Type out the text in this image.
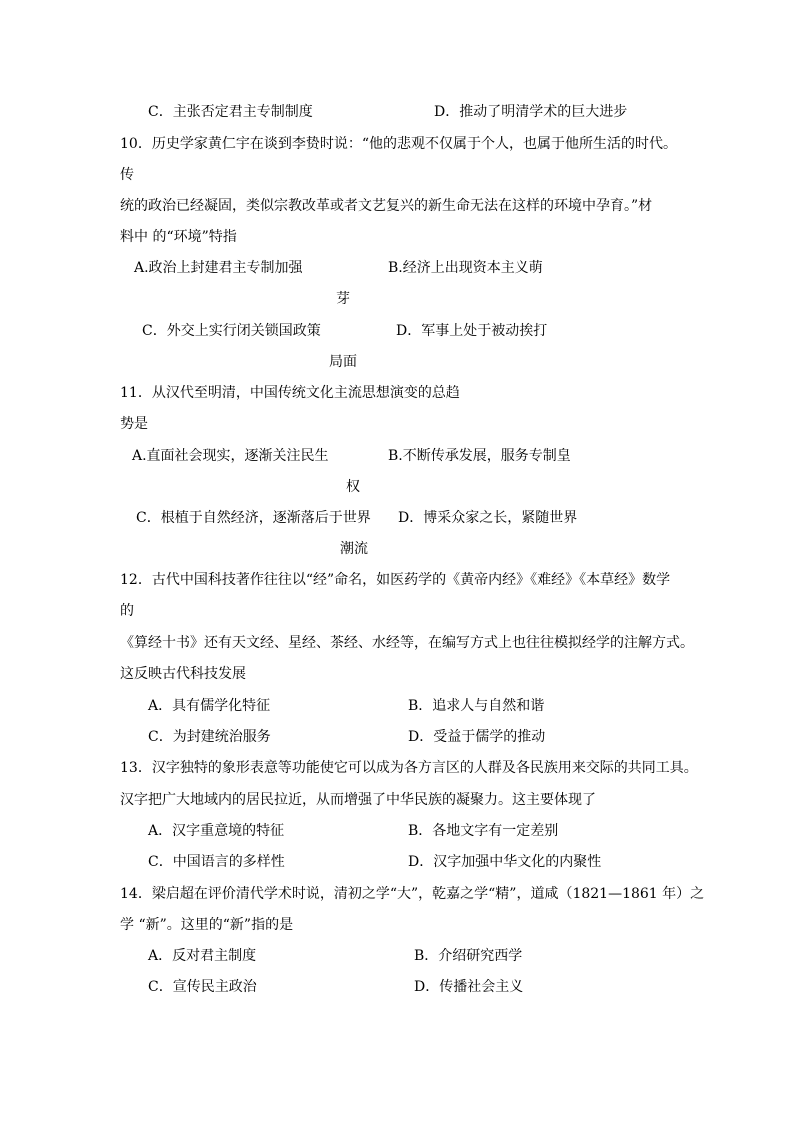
C．主张否定君主专制制度	D．推动了明清学术的巨大进步
10．历史学家黄仁宇在谈到李贽时说：“他的悲观不仅属于个人，也属于他所生活的时代。
传
统的政治已经凝固，类似宗教改革或者文艺复兴的新生命无法在这样的环境中孕育。”材
料中 的“环境”特指
A.政治上封建君主专制加强	B.经济上出现资本主义萌
芽
C．外交上实行闭关锁国政策	D．军事上处于被动挨打
局面
11．从汉代至明清，中国传统文化主流思想演变的总趋
势是
A.直面社会现实，逐渐关注民生	B.不断传承发展，服务专制皇
权
C．根植于自然经济，逐渐落后于世界 D．博采众家之长，紧随世界
潮流
12．古代中国科技著作往往以“经”命名，如医药学的《黄帝内经》《难经》《本草经》数学
的
《算经十书》还有天文经、星经、茶经、水经等，在编写方式上也往往模拟经学的注解方式。
这反映古代科技发展
A．具有儒学化特征	B．追求人与自然和谐
C．为封建统治服务	D．受益于儒学的推动
13．汉字独特的象形表意等功能使它可以成为各方言区的人群及各民族用来交际的共同工具。
汉字把广大地域内的居民拉近，从而增强了中华民族的凝聚力。这主要体现了
A．汉字重意境的特征	B．各地文字有一定差别
C．中国语言的多样性	D．汉字加强中华文化的内聚性
14．梁启超在评价清代学术时说，清初之学“大”，乾嘉之学“精”，道咸（1821—1861 年）之
学 “新”。这里的“新”指的是
A．反对君主制度	B．介绍研究西学
C．宣传民主政治	D．传播社会主义
